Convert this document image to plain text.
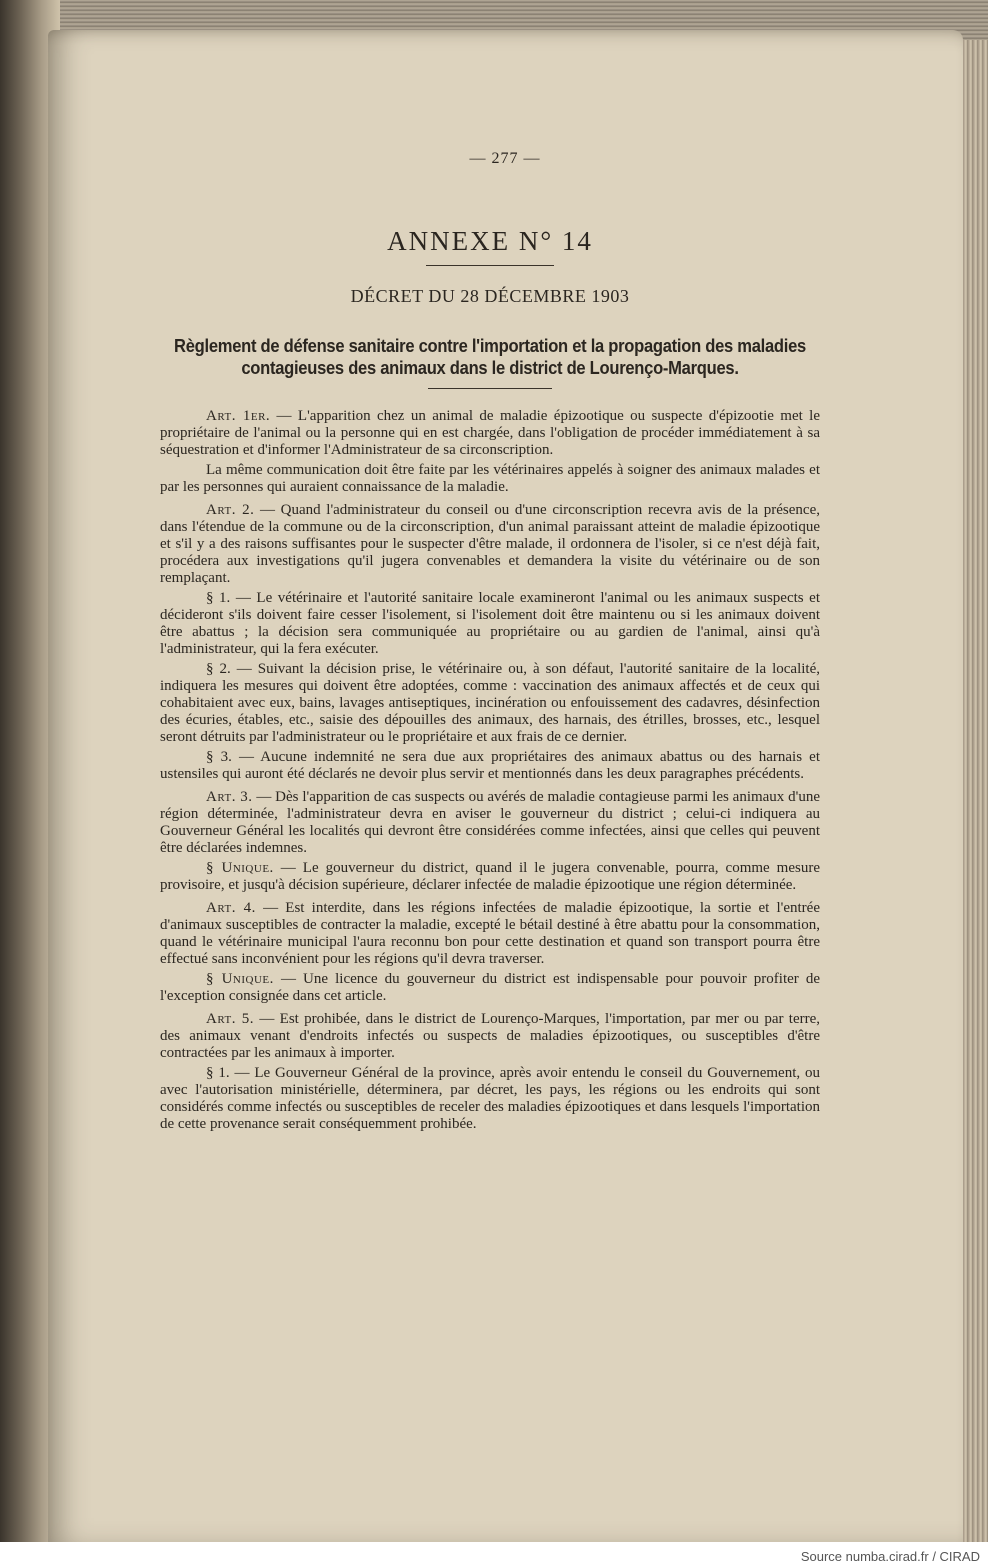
— 277 —
ANNEXE N° 14
DÉCRET DU 28 DÉCEMBRE 1903
Règlement de défense sanitaire contre l'importation et la propagation des maladies contagieuses des animaux dans le district de Lourenço-Marques.

Art. 1er. — L'apparition chez un animal de maladie épizootique ou suspecte d'épizootie met le propriétaire de l'animal ou la personne qui en est chargée, dans l'obligation de procéder immédiatement à sa séquestration et d'informer l'Administrateur de sa circonscription.

La même communication doit être faite par les vétérinaires appelés à soigner des animaux malades et par les personnes qui auraient connaissance de la maladie.

Art. 2. — Quand l'administrateur du conseil ou d'une circonscription recevra avis de la présence, dans l'étendue de la commune ou de la circonscription, d'un animal paraissant atteint de maladie épizootique et s'il y a des raisons suffisantes pour le suspecter d'être malade, il ordonnera de l'isoler, si ce n'est déjà fait, procédera aux investigations qu'il jugera convenables et demandera la visite du vétérinaire ou de son remplaçant.

§ 1. — Le vétérinaire et l'autorité sanitaire locale examineront l'animal ou les animaux suspects et décideront s'ils doivent faire cesser l'isolement, si l'isolement doit être maintenu ou si les animaux doivent être abattus ; la décision sera communiquée au propriétaire ou au gardien de l'animal, ainsi qu'à l'administrateur, qui la fera exécuter.

§ 2. — Suivant la décision prise, le vétérinaire ou, à son défaut, l'autorité sanitaire de la localité, indiquera les mesures qui doivent être adoptées, comme : vaccination des animaux affectés et de ceux qui cohabitaient avec eux, bains, lavages antiseptiques, incinération ou enfouissement des cadavres, désinfection des écuries, étables, etc., saisie des dépouilles des animaux, des harnais, des étrilles, brosses, etc., lesquel seront détruits par l'administrateur ou le propriétaire et aux frais de ce dernier.

§ 3. — Aucune indemnité ne sera due aux propriétaires des animaux abattus ou des harnais et ustensiles qui auront été déclarés ne devoir plus servir et mentionnés dans les deux paragraphes précédents.

Art. 3. — Dès l'apparition de cas suspects ou avérés de maladie contagieuse parmi les animaux d'une région déterminée, l'administrateur devra en aviser le gouverneur du district ; celui-ci indiquera au Gouverneur Général les localités qui devront être considérées comme infectées, ainsi que celles qui peuvent être déclarées indemnes.

§ Unique. — Le gouverneur du district, quand il le jugera convenable, pourra, comme mesure provisoire, et jusqu'à décision supérieure, déclarer infectée de maladie épizootique une région déterminée.

Art. 4. — Est interdite, dans les régions infectées de maladie épizootique, la sortie et l'entrée d'animaux susceptibles de contracter la maladie, excepté le bétail destiné à être abattu pour la consommation, quand le vétérinaire municipal l'aura reconnu bon pour cette destination et quand son transport pourra être effectué sans inconvénient pour les régions qu'il devra traverser.

§ Unique. — Une licence du gouverneur du district est indispensable pour pouvoir profiter de l'exception consignée dans cet article.

Art. 5. — Est prohibée, dans le district de Lourenço-Marques, l'importation, par mer ou par terre, des animaux venant d'endroits infectés ou suspects de maladies épizootiques, ou susceptibles d'être contractées par les animaux à importer.

§ 1. — Le Gouverneur Général de la province, après avoir entendu le conseil du Gouvernement, ou avec l'autorisation ministérielle, déterminera, par décret, les pays, les régions ou les endroits qui sont considérés comme infectés ou susceptibles de receler des maladies épizootiques et dans lesquels l'importation de cette provenance serait conséquemment prohibée.

Source numba.cirad.fr / CIRAD
